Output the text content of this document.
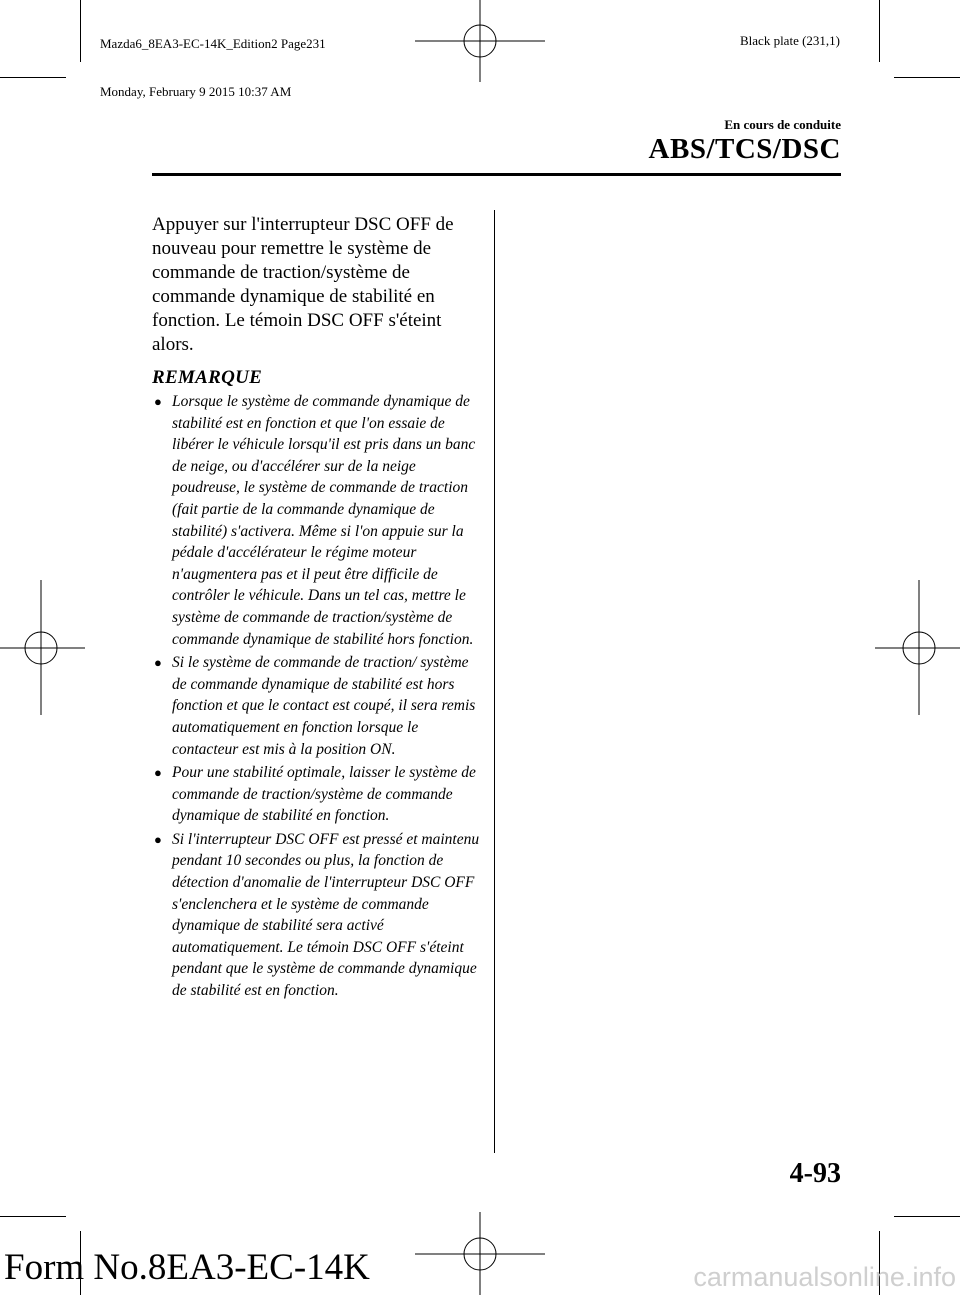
Mazda6_8EA3-EC-14K_Edition2 Page231

Monday, February 9 2015 10:37 AM

Black plate (231,1)
En cours de conduite
ABS/TCS/DSC

Appuyer sur l'interrupteur DSC OFF de nouveau pour remettre le système de commande de traction/système de commande dynamique de stabilité en fonction. Le témoin DSC OFF s'éteint alors.

REMARQUE
● Lorsque le système de commande dynamique de stabilité est en fonction et que l'on essaie de libérer le véhicule lorsqu'il est pris dans un banc de neige, ou d'accélérer sur de la neige poudreuse, le système de commande de traction (fait partie de la commande dynamique de stabilité) s'activera. Même si l'on appuie sur la pédale d'accélérateur le régime moteur n'augmentera pas et il peut être difficile de contrôler le véhicule. Dans un tel cas, mettre le système de commande de traction/système de commande dynamique de stabilité hors fonction.
● Si le système de commande de traction/ système de commande dynamique de stabilité est hors fonction et que le contact est coupé, il sera remis automatiquement en fonction lorsque le contacteur est mis à la position ON.
● Pour une stabilité optimale, laisser le système de commande de traction/système de commande dynamique de stabilité en fonction.
● Si l'interrupteur DSC OFF est pressé et maintenu pendant 10 secondes ou plus, la fonction de détection d'anomalie de l'interrupteur DSC OFF s'enclenchera et le système de commande dynamique de stabilité sera activé automatiquement. Le témoin DSC OFF s'éteint pendant que le système de commande dynamique de stabilité est en fonction.
4-93
Form No.8EA3-EC-14K	carmanualsonline.info
